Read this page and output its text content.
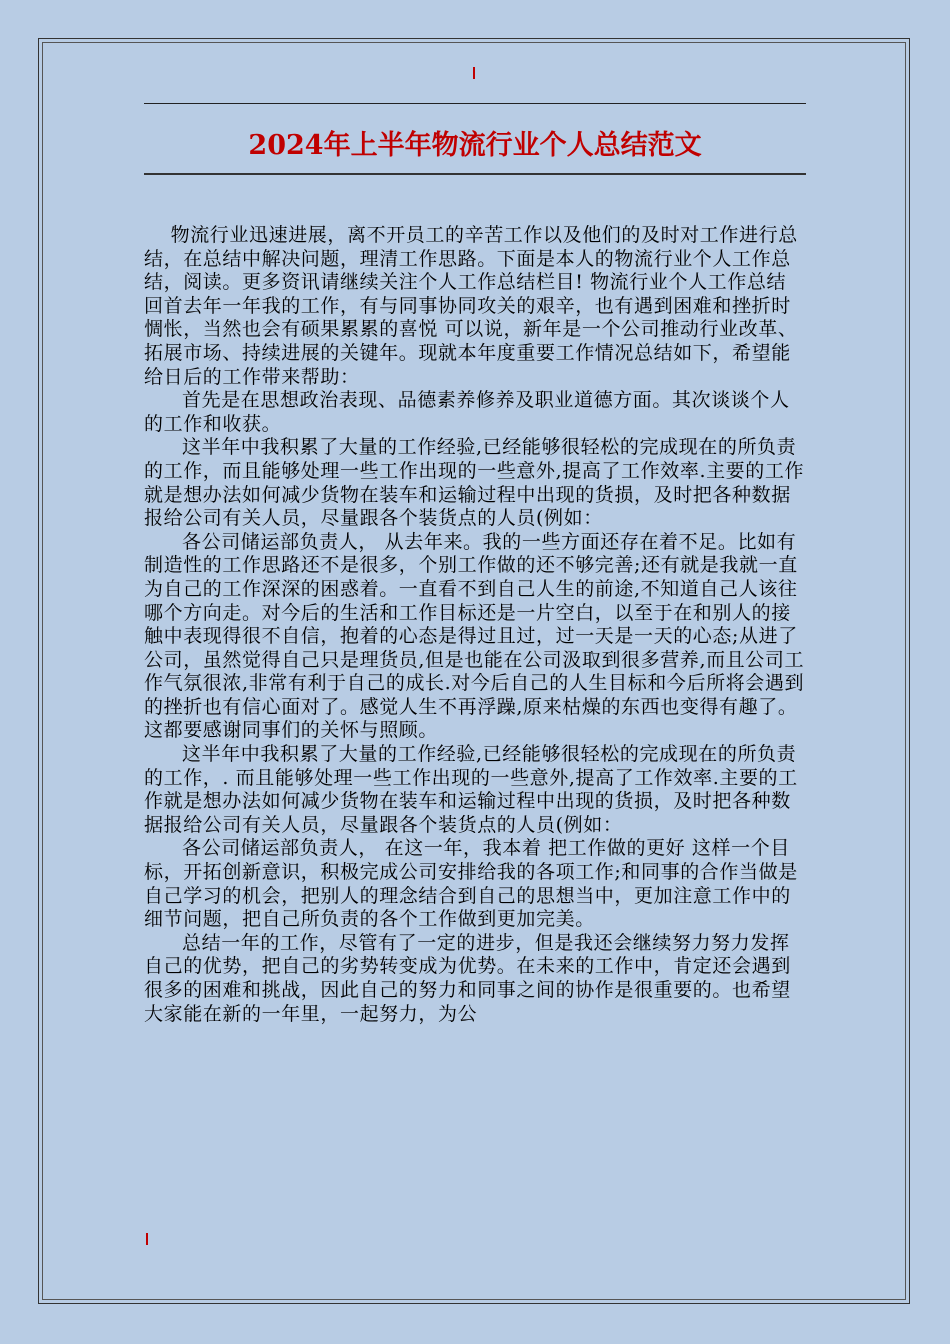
2024年上半年物流行业个人总结范文

物流行业迅速进展，离不开员工的辛苦工作以及他们的及时对工作进行总结，在总结中解决问题，理清工作思路。下面是本人的物流行业个人工作总结，阅读。更多资讯请继续关注个人工作总结栏目! 物流行业个人工作总结 回首去年一年我的工作，有与同事协同攻关的艰辛，也有遇到困难和挫折时惆怅，当然也会有硕果累累的喜悦 可以说，新年是一个公司推动行业改革、拓展市场、持续进展的关键年。现就本年度重要工作情况总结如下，希望能给日后的工作带来帮助：

首先是在思想政治表现、品德素养修养及职业道德方面。其次谈谈个人的工作和收获。

这半年中我积累了大量的工作经验,已经能够很轻松的完成现在的所负责的工作，而且能够处理一些工作出现的一些意外,提高了工作效率.主要的工作就是想办法如何减少货物在装车和运输过程中出现的货损，及时把各种数据报给公司有关人员，尽量跟各个装货点的人员(例如：

各公司储运部负责人， 从去年来。我的一些方面还存在着不足。比如有制造性的工作思路还不是很多，个别工作做的还不够完善;还有就是我就一直为自己的工作深深的困惑着。一直看不到自己人生的前途,不知道自己人该往哪个方向走。对今后的生活和工作目标还是一片空白，以至于在和别人的接触中表现得很不自信，抱着的心态是得过且过，过一天是一天的心态;从进了公司，虽然觉得自己只是理货员,但是也能在公司汲取到很多营养,而且公司工作气氛很浓,非常有利于自己的成长.对今后自己的人生目标和今后所将会遇到的挫折也有信心面对了。感觉人生不再浮躁,原来枯燥的东西也变得有趣了。这都要感谢同事们的关怀与照顾。

这半年中我积累了大量的工作经验,已经能够很轻松的完成现在的所负责的工作，. 而且能够处理一些工作出现的一些意外,提高了工作效率.主要的工作就是想办法如何减少货物在装车和运输过程中出现的货损，及时把各种数据报给公司有关人员，尽量跟各个装货点的人员(例如：

各公司储运部负责人， 在这一年，我本着 把工作做的更好 这样一个目标，开拓创新意识，积极完成公司安排给我的各项工作;和同事的合作当做是自己学习的机会，把别人的理念结合到自己的思想当中，更加注意工作中的细节问题，把自己所负责的各个工作做到更加完美。

总结一年的工作，尽管有了一定的进步，但是我还会继续努力努力发挥自己的优势，把自己的劣势转变成为优势。在未来的工作中，肯定还会遇到很多的困难和挑战，因此自己的努力和同事之间的协作是很重要的。也希望大家能在新的一年里，一起努力，为公
